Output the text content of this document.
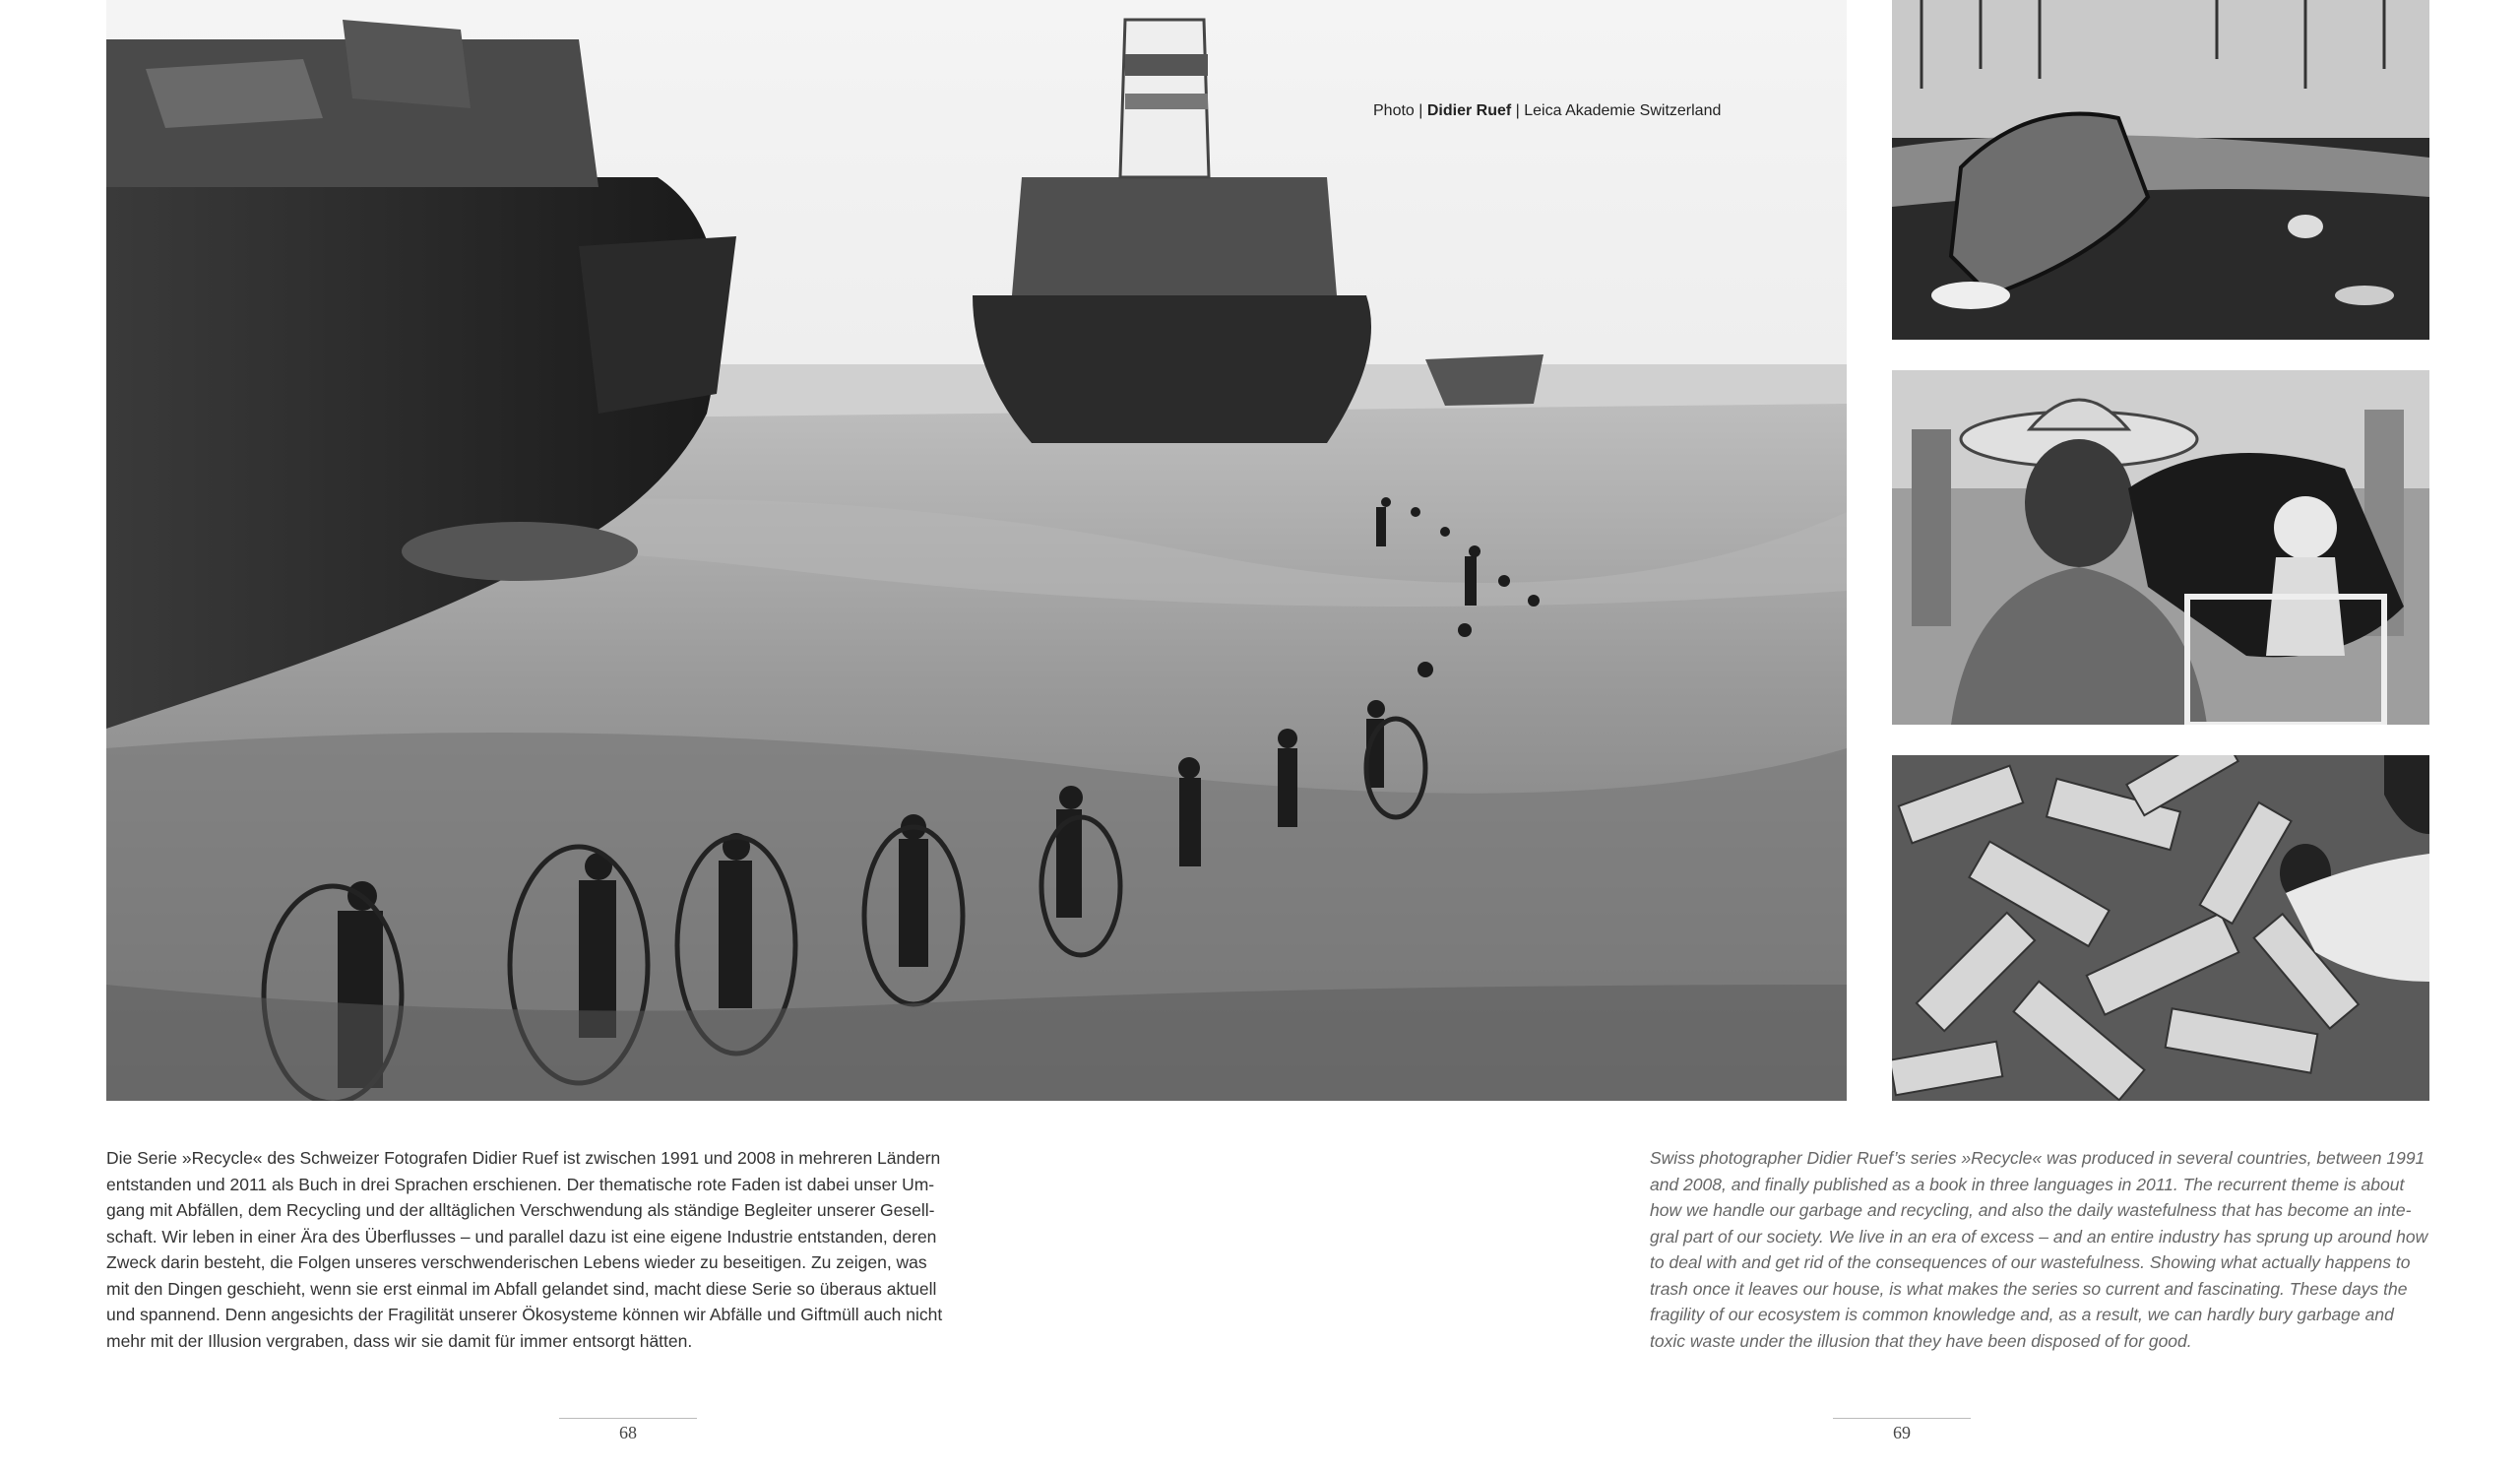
Photo | Didier Ruef | Leica Akademie Switzerland
Die Serie »Recycle« des Schweizer Fotografen Didier Ruef ist zwischen 1991 und 2008 in mehreren Ländern
entstanden und 2011 als Buch in drei Sprachen erschienen. Der thematische rote Faden ist dabei unser Um-
gang mit Abfällen, dem Recycling und der alltäglichen Verschwendung als ständige Begleiter unserer Gesell-
schaft. Wir leben in einer Ära des Überflusses – und parallel dazu ist eine eigene Industrie entstanden, deren
Zweck darin besteht, die Folgen unseres verschwenderischen Lebens wieder zu beseitigen. Zu zeigen, was
mit den Dingen geschieht, wenn sie erst einmal im Abfall gelandet sind, macht diese Serie so überaus aktuell
und spannend. Denn angesichts der Fragilität unserer Ökosysteme können wir Abfälle und Giftmüll auch nicht
mehr mit der Illusion vergraben, dass wir sie damit für immer entsorgt hätten.
Swiss photographer Didier Ruef’s series »Recycle« was produced in several countries, between 1991
and 2008, and finally published as a book in three languages in 2011. The recurrent theme is about
how we handle our garbage and recycling, and also the daily wastefulness that has become an inte-
gral part of our society. We live in an era of excess – and an entire industry has sprung up around how
to deal with and get rid of the consequences of our wastefulness. Showing what actually happens to
trash once it leaves our house, is what makes the series so current and fascinating. These days the
fragility of our ecosystem is common knowledge and, as a result, we can hardly bury garbage and
toxic waste under the illusion that they have been disposed of for good.
68	69
